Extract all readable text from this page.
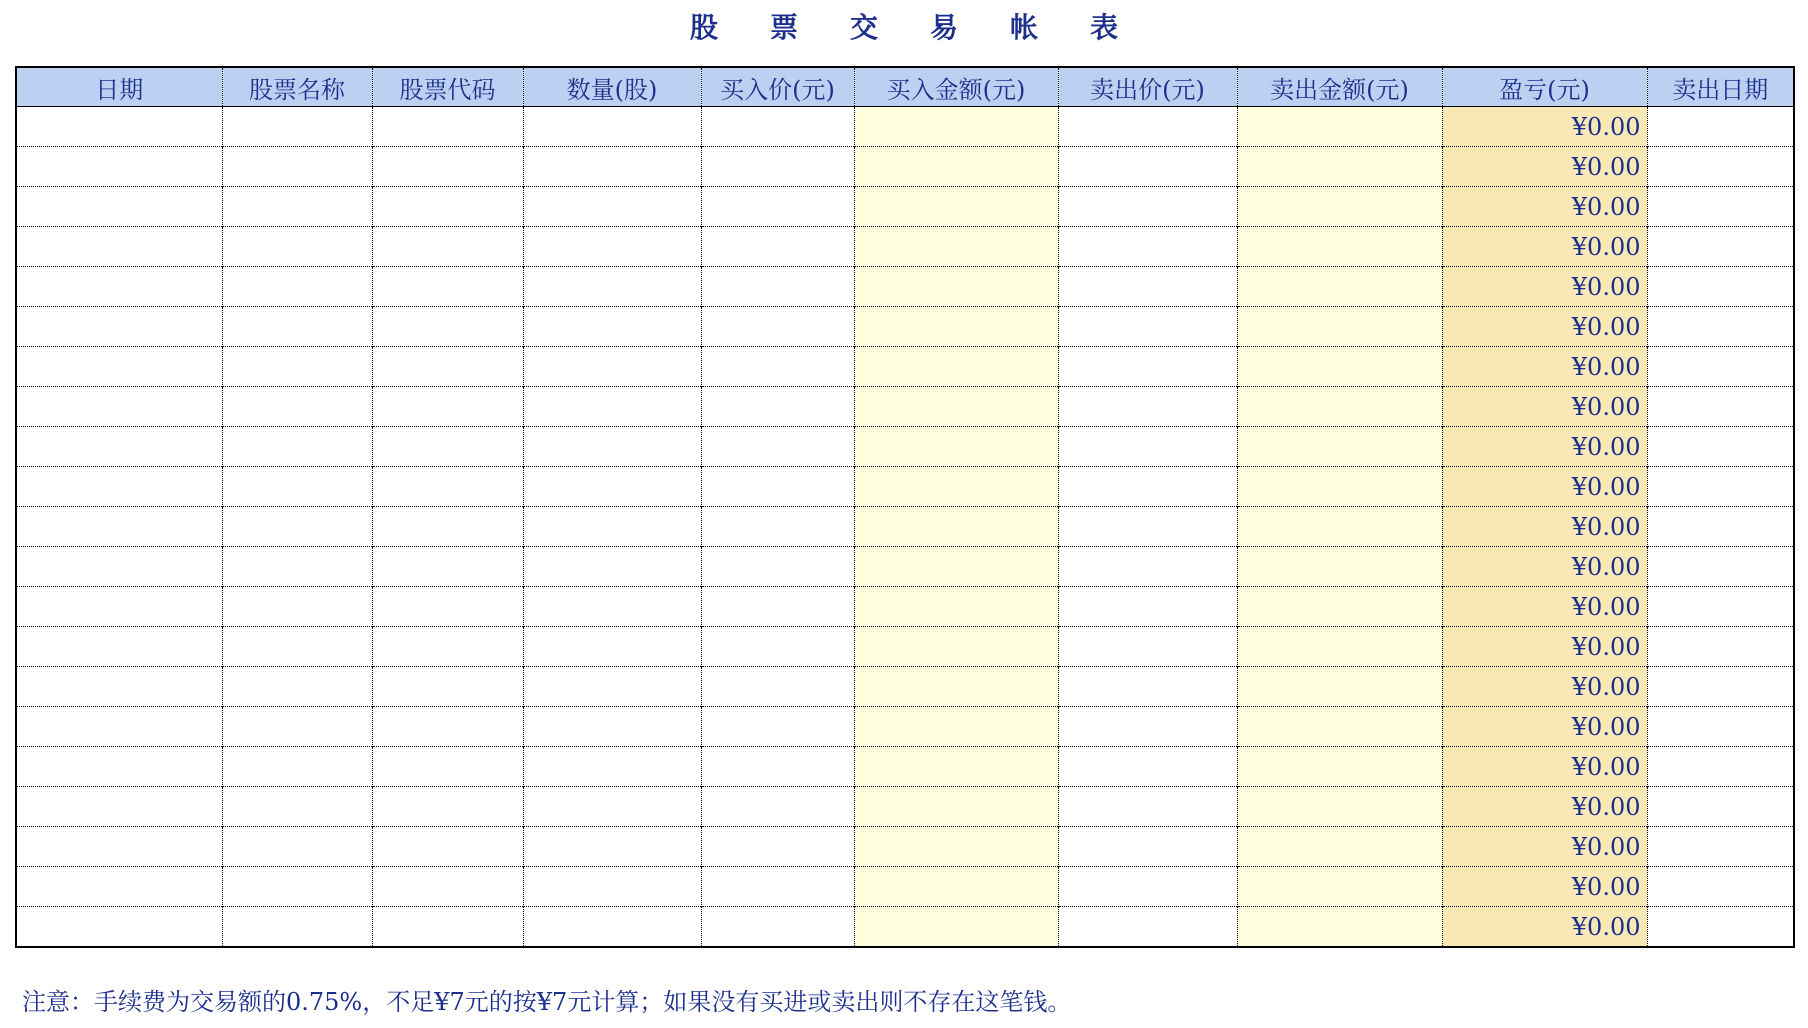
股票交易帐表
日期	股票名称	股票代码	数量(股)	买入价(元)	买入金额(元)	卖出价(元)	卖出金额(元)	盈亏(元)	卖出日期
								¥0.00	
								¥0.00	
								¥0.00	
								¥0.00	
								¥0.00	
								¥0.00	
								¥0.00	
								¥0.00	
								¥0.00	
								¥0.00	
								¥0.00	
								¥0.00	
								¥0.00	
								¥0.00	
								¥0.00	
								¥0.00	
								¥0.00	
								¥0.00	
								¥0.00	
								¥0.00	
								¥0.00	
注意：手续费为交易额的0.75%，不足¥7元的按¥7元计算；如果没有买进或卖出则不存在这笔钱。
